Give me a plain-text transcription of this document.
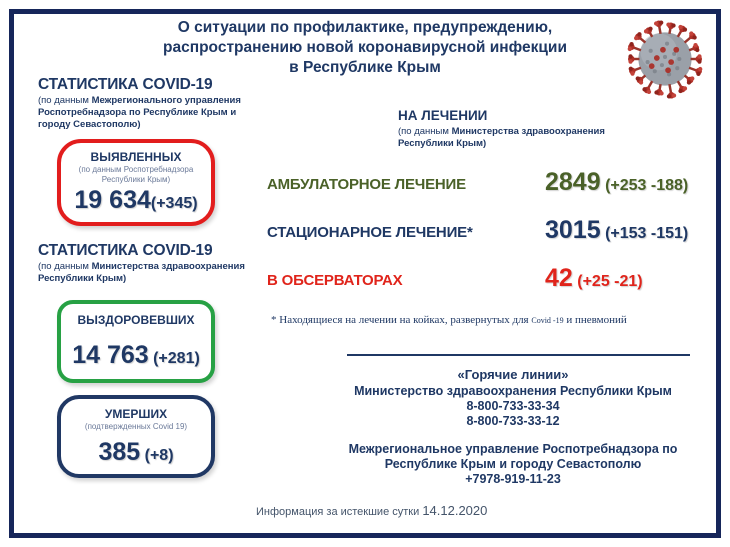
О ситуации по профилактике, предупреждению,
распространению новой коронавирусной инфекции
в Республике Крым
СТАТИСТИКА COVID-19
(по данным Межрегионального управления Роспотребнадзора по Республике Крым и городу Севастополю)
ВЫЯВЛЕННЫХ
(по данным Роспотребнадзора Республики Крым)
19 634(+345)
СТАТИСТИКА COVID-19
(по данным Министерства здравоохранения Республики Крым)
ВЫЗДОРОВЕВШИХ
14 763 (+281)
УМЕРШИХ
(подтвержденных Covid 19)
385 (+8)
НА ЛЕЧЕНИИ
(по данным Министерства здравоохранения Республики Крым)
АМБУЛАТОРНОЕ ЛЕЧЕНИЕ	2849 (+253 -188)
СТАЦИОНАРНОЕ ЛЕЧЕНИЕ*	3015 (+153 -151)
В ОБСЕРВАТОРАХ	42 (+25 -21)
* Находящиеся на лечении на койках, развернутых для Covid -19 и пневмоний
«Горячие линии»
Министерство здравоохранения Республики Крым
8-800-733-33-34
8-800-733-33-12
Межрегиональное управление Роспотребнадзора по Республике Крым и городу Севастополю
+7978-919-11-23
Информация за истекшие сутки 14.12.2020
